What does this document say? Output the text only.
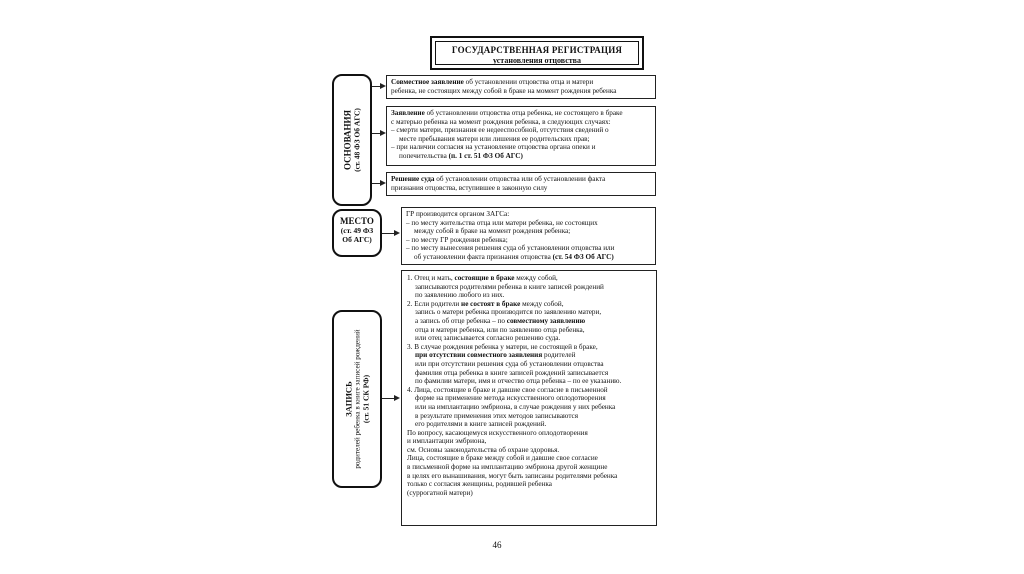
ГОСУДАРСТВЕННАЯ РЕГИСТРАЦИЯ
установления отцовства
ОСНОВАНИЯ (ст. 48 ФЗ Об АГС)

Совместное заявление об установлении отцовства отца и матери

ребенка, не состоящих между собой в браке на момент рождения ребенка

Заявление об установлении отцовства отца ребенка, не состоящего в браке

с матерью ребенка на момент рождения ребенка, в следующих случаях:

– смерти матери, признания ее недееспособной, отсутствия сведений о

месте пребывания матери или лишения ее родительских прав;

– при наличии согласия на установление отцовства органа опеки и

попечительства (п. 1 ст. 51 ФЗ Об АГС)

Решение суда об установлении отцовства или об установлении факта

признания отцовства, вступившее в законную силу

МЕСТО
(ст. 49 ФЗ
Об АГС)

ГР производится органом ЗАГСа:

– по месту жительства отца или матери ребенка, не состоящих

между собой в браке на момент рождения ребенка;

– по месту ГР рождения ребенка;

– по месту вынесения решения суда об установлении отцовства или

об установлении факта признания отцовства (ст. 54 ФЗ Об АГС)

ЗАПИСЬ родителей ребенка в книге записей рождений (ст. 51 СК РФ)

1. Отец и мать, состоящие в браке между собой,

записываются родителями ребенка в книге записей рождений

по заявлению любого из них.

2. Если родители не состоят в браке между собой,

запись о матери ребенка производится по заявлению матери,

а запись об отце ребенка – по совместному заявлению

отца и матери ребенка, или по заявлению отца ребенка,

или отец записывается согласно решению суда.

3. В случае рождения ребенка у матери, не состоящей в браке,

при отсутствии совместного заявления родителей

или при отсутствии решения суда об установлении отцовства

фамилия отца ребенка в книге записей рождений записывается

по фамилии матери, имя и отчество отца ребенка – по ее указанию.

4. Лица, состоящие в браке и давшие свое согласие в письменной

форме на применение метода искусственного оплодотворения

или на имплантацию эмбриона, в случае рождения у них ребенка

в результате применения этих методов записываются

его родителями в книге записей рождений.

По вопросу, касающемуся искусственного оплодотворения

и имплантации эмбриона,

см. Основы законодательства об охране здоровья.

Лица, состоящие в браке между собой и давшие свое согласие

в письменной форме на имплантацию эмбриона другой женщине

в целях его вынашивания, могут быть записаны родителями ребенка

только с согласия женщины, родившей ребенка

(суррогатной матери)

46
